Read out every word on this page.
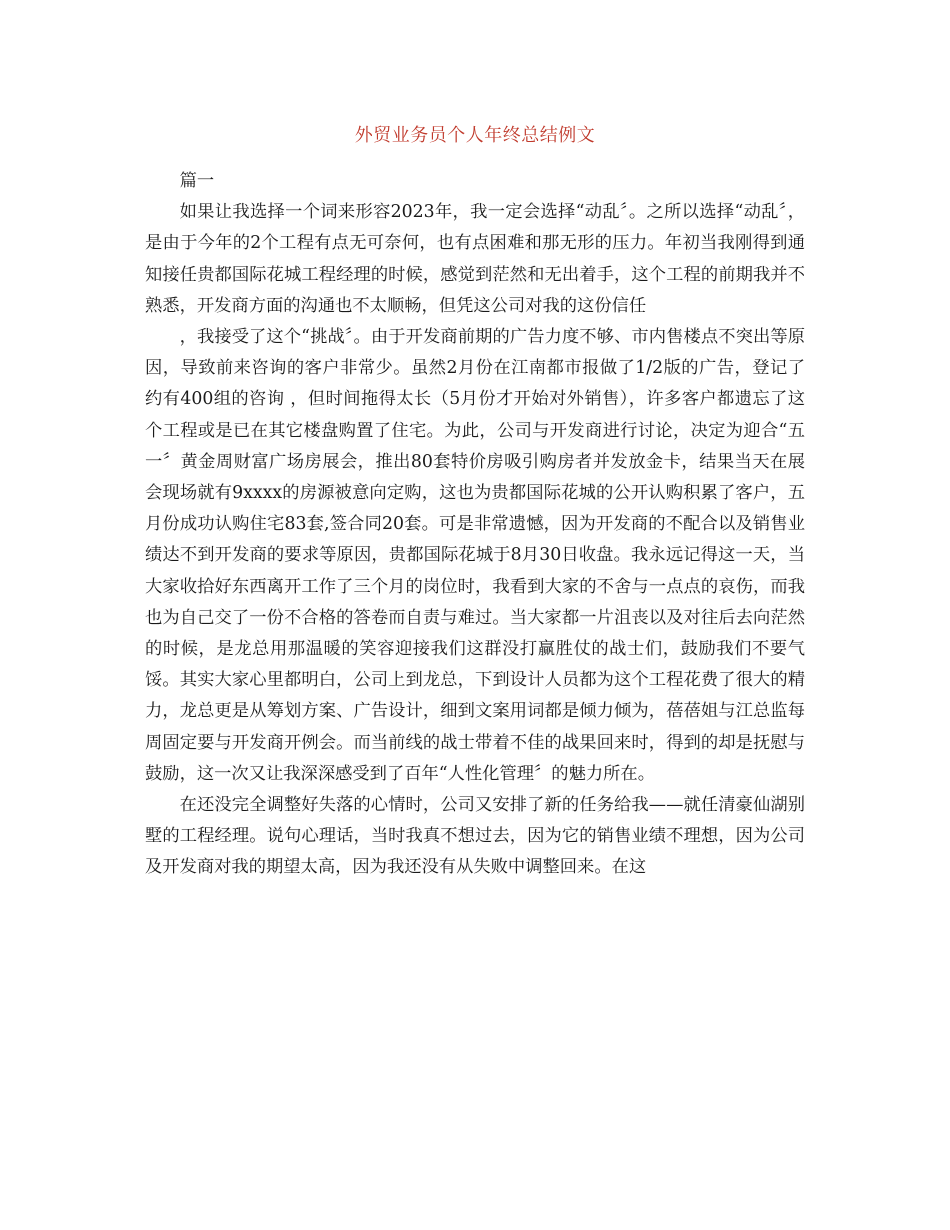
外贸业务员个人年终总结例文

篇一

如果让我选择一个词来形容2023年，我一定会选择“动乱〞。之所以选择“动乱〞，是由于今年的2个工程有点无可奈何，也有点困难和那无形的压力。年初当我刚得到通知接任贵都国际花城工程经理的时候，感觉到茫然和无出着手，这个工程的前期我并不熟悉，开发商方面的沟通也不太顺畅，但凭这公司对我的这份信任

，我接受了这个“挑战〞。由于开发商前期的广告力度不够、市内售楼点不突出等原因，导致前来咨询的客户非常少。虽然2月份在江南都市报做了1/2版的广告，登记了约有400组的咨询 ，但时间拖得太长（5月份才开始对外销售），许多客户都遗忘了这个工程或是已在其它楼盘购置了住宅。为此，公司与开发商进行讨论，决定为迎合“五一〞黄金周财富广场房展会，推出80套特价房吸引购房者并发放金卡，结果当天在展会现场就有9xxxx的房源被意向定购，这也为贵都国际花城的公开认购积累了客户，五月份成功认购住宅83套,签合同20套。可是非常遗憾，因为开发商的不配合以及销售业绩达不到开发商的要求等原因，贵都国际花城于8月30日收盘。我永远记得这一天，当大家收拾好东西离开工作了三个月的岗位时，我看到大家的不舍与一点点的哀伤，而我也为自己交了一份不合格的答卷而自责与难过。当大家都一片沮丧以及对往后去向茫然的时候，是龙总用那温暖的笑容迎接我们这群没打赢胜仗的战士们，鼓励我们不要气馁。其实大家心里都明白，公司上到龙总，下到设计人员都为这个工程花费了很大的精力，龙总更是从筹划方案、广告设计，细到文案用词都是倾力倾为，蓓蓓姐与江总监每周固定要与开发商开例会。而当前线的战士带着不佳的战果回来时，得到的却是抚慰与鼓励，这一次又让我深深感受到了百年“人性化管理〞的魅力所在。

在还没完全调整好失落的心情时，公司又安排了新的任务给我——就任清豪仙湖别墅的工程经理。说句心理话，当时我真不想过去，因为它的销售业绩不理想，因为公司及开发商对我的期望太高，因为我还没有从失败中调整回来。在这
